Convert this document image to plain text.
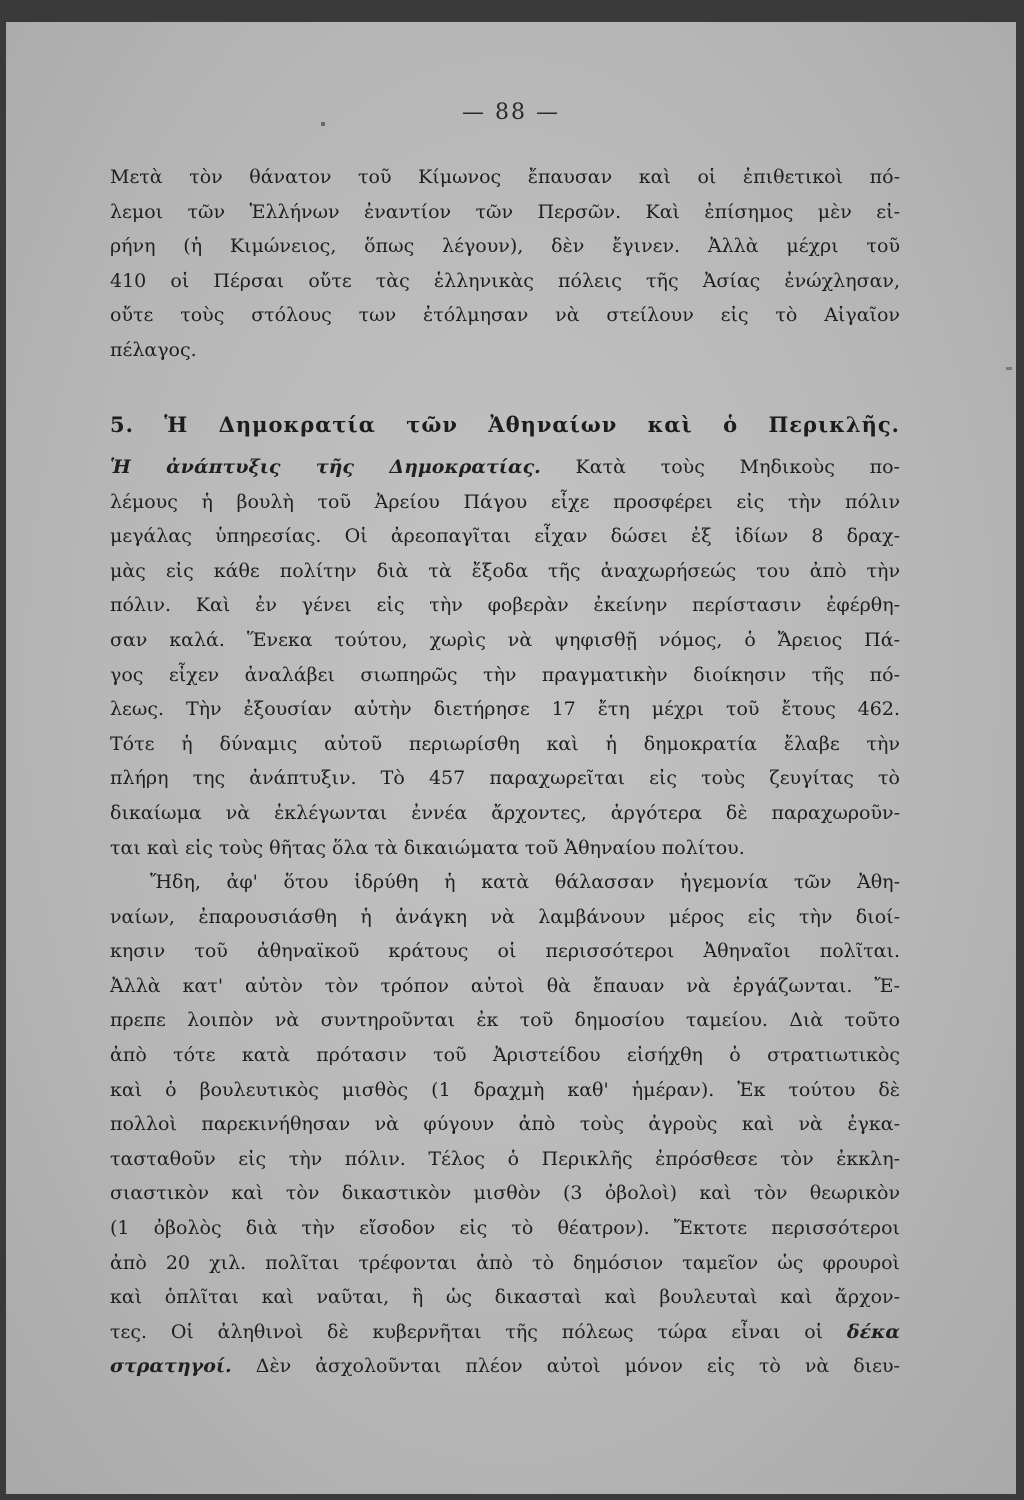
— 88 —
Μετὰ τὸν θάνατον τοῦ Κίμωνος ἔπαυσαν καὶ οἱ ἐπιθετικοὶ πό-
λεμοι τῶν Ἑλλήνων ἐναντίον τῶν Περσῶν. Καὶ ἐπίσημος μὲν εἰ-
ρήνη (ἡ Κιμώνειος, ὅπως λέγουν), δὲν ἔγινεν. Ἀλλὰ μέχρι τοῦ
410 οἱ Πέρσαι οὔτε τὰς ἑλληνικὰς πόλεις τῆς Ἀσίας ἐνώχλησαν,
οὔτε τοὺς στόλους των ἐτόλμησαν νὰ στείλουν εἰς τὸ Αἰγαῖον
πέλαγος.
5. Ἡ Δημοκρατία τῶν Ἀθηναίων καὶ ὁ Περικλῆς.
Ἡ ἀνάπτυξις τῆς Δημοκρατίας. Κατὰ τοὺς Μηδικοὺς πο-
λέμους ἡ βουλὴ τοῦ Ἀρείου Πάγου εἶχε προσφέρει εἰς τὴν πόλιν
μεγάλας ὑπηρεσίας. Οἱ ἀρεοπαγῖται εἶχαν δώσει ἐξ ἰδίων 8 δραχ-
μὰς εἰς κάθε πολίτην διὰ τὰ ἔξοδα τῆς ἀναχωρήσεώς του ἀπὸ τὴν
πόλιν. Καὶ ἐν γένει εἰς τὴν φοβερὰν ἐκείνην περίστασιν ἐφέρθη-
σαν καλά. Ἕνεκα τούτου, χωρὶς νὰ ψηφισθῇ νόμος, ὁ Ἄρειος Πά-
γος εἶχεν ἀναλάβει σιωπηρῶς τὴν πραγματικὴν διοίκησιν τῆς πό-
λεως. Τὴν ἐξουσίαν αὐτὴν διετήρησε 17 ἔτη μέχρι τοῦ ἔτους 462.
Τότε ἡ δύναμις αὐτοῦ περιωρίσθη καὶ ἡ δημοκρατία ἔλαβε τὴν
πλήρη της ἀνάπτυξιν. Τὸ 457 παραχωρεῖται εἰς τοὺς ζευγίτας τὸ
δικαίωμα νὰ ἐκλέγωνται ἐννέα ἄρχοντες, ἀργότερα δὲ παραχωροῦν-
ται καὶ εἰς τοὺς θῆτας ὅλα τὰ δικαιώματα τοῦ Ἀθηναίου πολίτου.
Ἤδη, ἀφ' ὅτου ἱδρύθη ἡ κατὰ θάλασσαν ἡγεμονία τῶν Ἀθη-
ναίων, ἐπαρουσιάσθη ἡ ἀνάγκη νὰ λαμβάνουν μέρος εἰς τὴν διοί-
κησιν τοῦ ἀθηναϊκοῦ κράτους οἱ περισσότεροι Ἀθηναῖοι πολῖται.
Ἀλλὰ κατ' αὐτὸν τὸν τρόπον αὐτοὶ θὰ ἔπαυαν νὰ ἐργάζωνται. Ἔ-
πρεπε λοιπὸν νὰ συντηροῦνται ἐκ τοῦ δημοσίου ταμείου. Διὰ τοῦτο
ἀπὸ τότε κατὰ πρότασιν τοῦ Ἀριστείδου εἰσήχθη ὁ στρατιωτικὸς
καὶ ὁ βουλευτικὸς μισθὸς (1 δραχμὴ καθ' ἡμέραν). Ἐκ τούτου δὲ
πολλοὶ παρεκινήθησαν νὰ φύγουν ἀπὸ τοὺς ἀγροὺς καὶ νὰ ἐγκα-
τασταθοῦν εἰς τὴν πόλιν. Τέλος ὁ Περικλῆς ἐπρόσθεσε τὸν ἐκκλη-
σιαστικὸν καὶ τὸν δικαστικὸν μισθὸν (3 ὀβολοὶ) καὶ τὸν θεωρικὸν
(1 ὀβολὸς διὰ τὴν εἴσοδον εἰς τὸ θέατρον). Ἔκτοτε περισσότεροι
ἀπὸ 20 χιλ. πολῖται τρέφονται ἀπὸ τὸ δημόσιον ταμεῖον ὡς φρουροὶ
καὶ ὁπλῖται καὶ ναῦται, ἢ ὡς δικασταὶ καὶ βουλευταὶ καὶ ἄρχον-
τες. Οἱ ἀληθινοὶ δὲ κυβερνῆται τῆς πόλεως τώρα εἶναι οἱ δέκα
στρατηγοί. Δὲν ἀσχολοῦνται πλέον αὐτοὶ μόνον εἰς τὸ νὰ διευ-
